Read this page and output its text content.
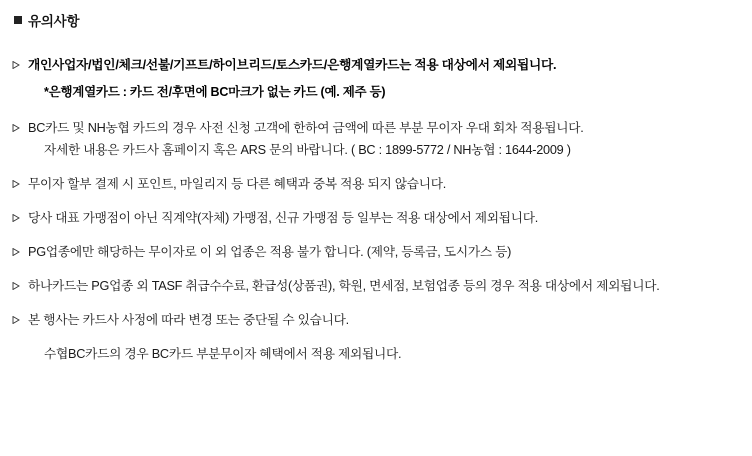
유의사항
개인사업자/법인/체크/선불/기프트/하이브리드/토스카드/은행계열카드는 적용 대상에서 제외됩니다.
*은행계열카드 : 카드 전/후면에 BC마크가 없는 카드 (예. 제주 등)
BC카드 및 NH농협 카드의 경우 사전 신청 고객에 한하여 금액에 따른 부분 무이자 우대 회차 적용됩니다.
자세한 내용은 카드사 홈페이지 혹은 ARS 문의 바랍니다. ( BC : 1899-5772 / NH농협 : 1644-2009 )
무이자 할부 결제 시 포인트, 마일리지 등 다른 혜택과 중복 적용 되지 않습니다.
당사 대표 가맹점이 아닌 직계약(자체) 가맹점, 신규 가맹점 등 일부는 적용 대상에서 제외됩니다.
PG업종에만 해당하는 무이자로 이 외 업종은 적용 불가 합니다. (제약, 등록금, 도시가스 등)
하나카드는 PG업종 외 TASF 취급수수료, 환급성(상품권), 학원, 면세점, 보험업종 등의 경우 적용 대상에서 제외됩니다.
본 행사는 카드사 사정에 따라 변경 또는 중단될 수 있습니다.
수협BC카드의 경우 BC카드 부분무이자 혜택에서 적용 제외됩니다.
